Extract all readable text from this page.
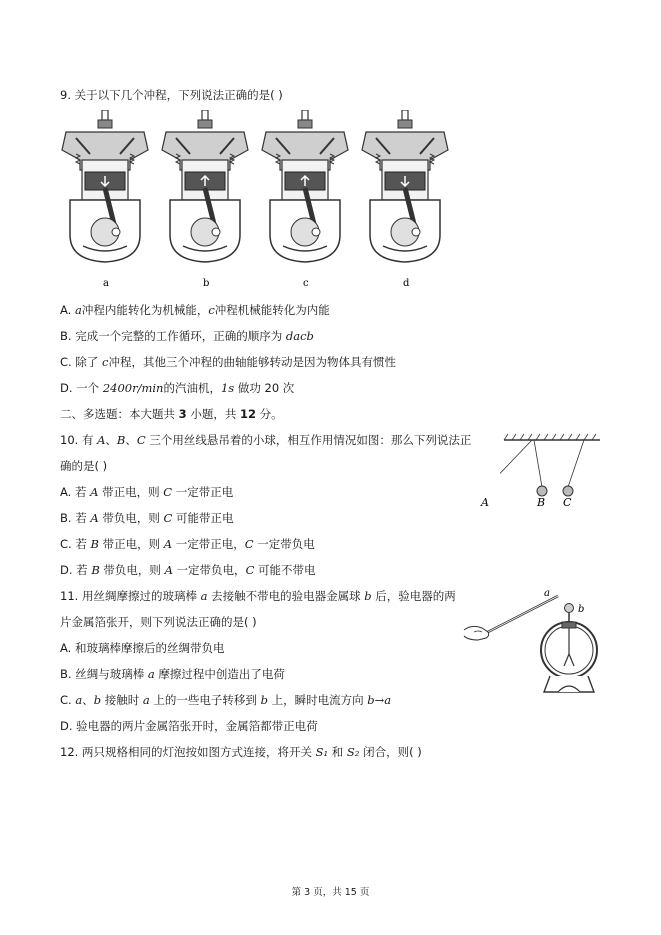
9. 关于以下几个冲程，下列说法正确的是( )
a	b	c	d
A. a冲程内能转化为机械能，c冲程机械能转化为内能
B. 完成一个完整的工作循环，正确的顺序为 dacb
C. 除了 c冲程，其他三个冲程的曲轴能够转动是因为物体具有惯性
D. 一个 2400r/min的汽油机，1s 做功 20 次
二、多选题：本大题共 3 小题，共 12 分。
10. 有 A、B、C 三个用丝线悬吊着的小球，相互作用情况如图：那么下列说法正
确的是( )
A	B C
A. 若 A 带正电，则 C 一定带正电
B. 若 A 带负电，则 C 可能带正电
C. 若 B 带正电，则 A 一定带正电，C 一定带负电
D. 若 B 带负电，则 A 一定带负电，C 可能不带电
11. 用丝绸摩擦过的玻璃棒 a 去接触不带电的验电器金属球 b 后，验电器的两
片金属箔张开，则下列说法正确的是( )
a
b
A. 和玻璃棒摩擦后的丝绸带负电
B. 丝绸与玻璃棒 a 摩擦过程中创造出了电荷
C. a、b 接触时 a 上的一些电子转移到 b 上，瞬时电流方向 b→a
D. 验电器的两片金属箔张开时，金属箔都带正电荷
12. 两只规格相同的灯泡按如图方式连接，将开关 S₁ 和 S₂ 闭合，则( )
第 3 页，共 15 页
